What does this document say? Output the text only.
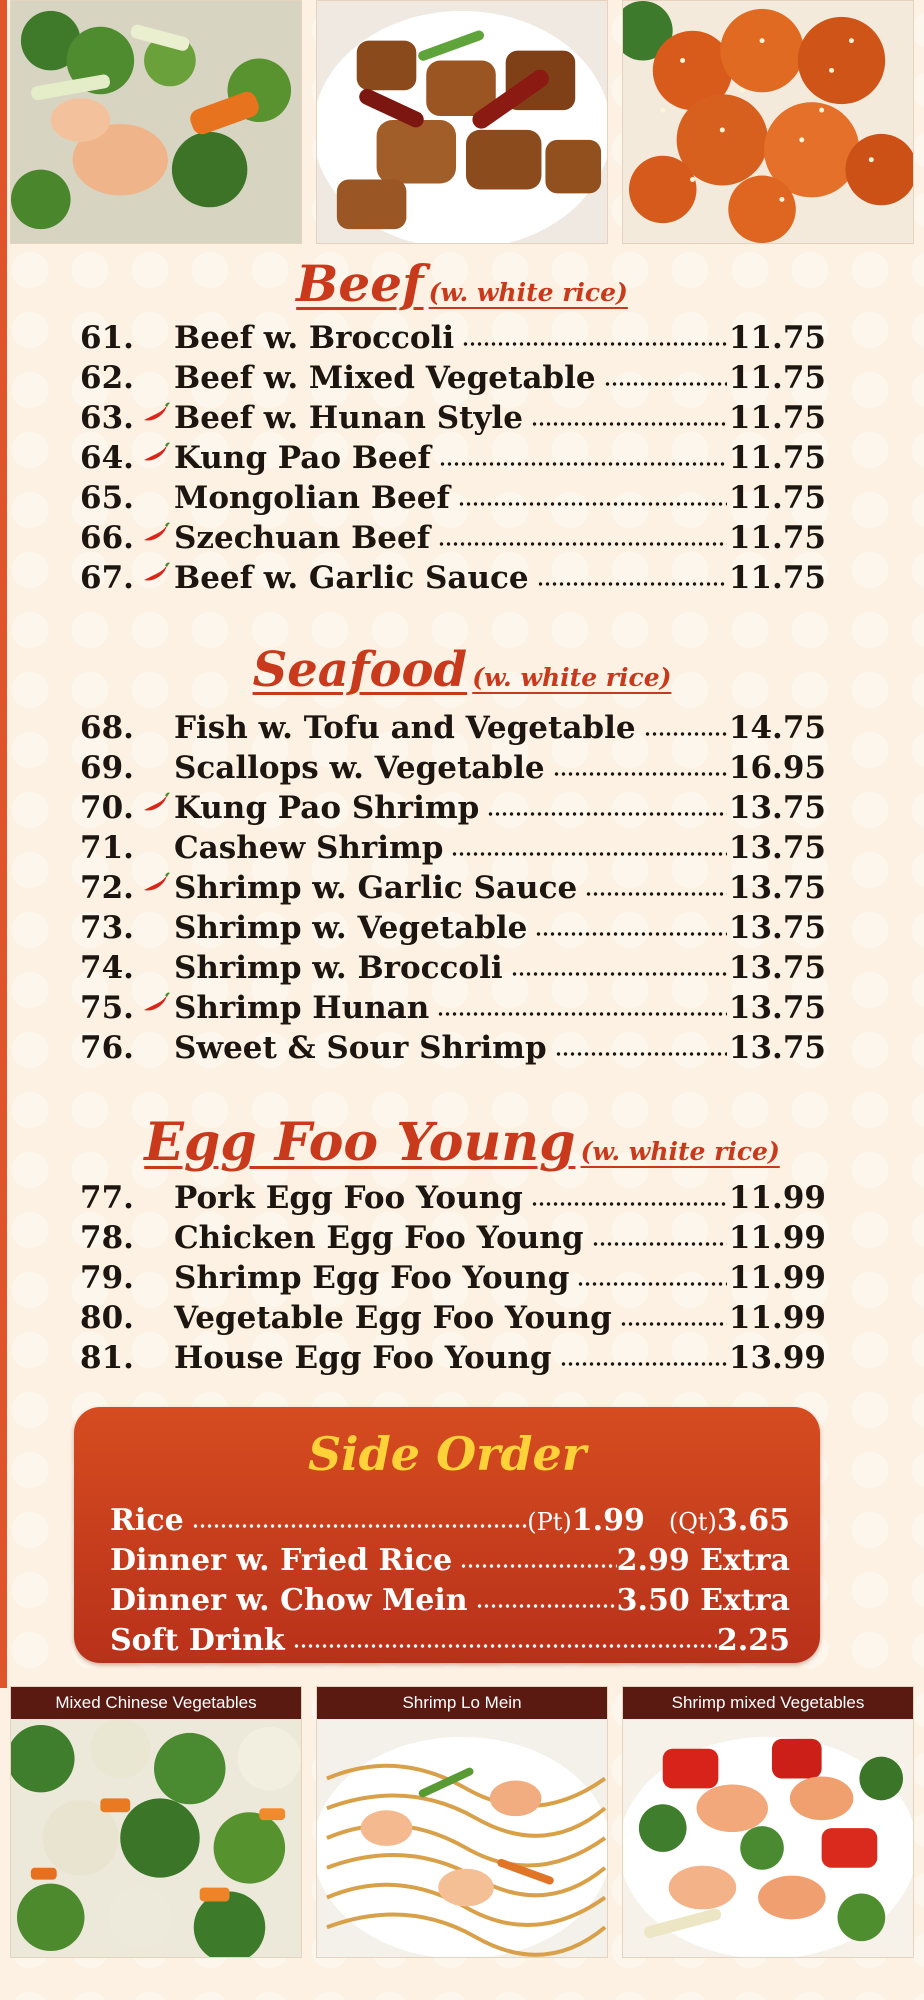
Beef (w. white rice)
61. Beef w. Broccoli	11.75
62. Beef w. Mixed Vegetable	11.75
63. Beef w. Hunan Style	11.75
64. Kung Pao Beef	11.75
65. Mongolian Beef	11.75
66. Szechuan Beef	11.75
67. Beef w. Garlic Sauce	11.75
Seafood (w. white rice)
68. Fish w. Tofu and Vegetable	14.75
69. Scallops w. Vegetable	16.95
70. Kung Pao Shrimp	13.75
71. Cashew Shrimp	13.75
72. Shrimp w. Garlic Sauce	13.75
73. Shrimp w. Vegetable	13.75
74. Shrimp w. Broccoli	13.75
75. Shrimp Hunan	13.75
76. Sweet & Sour Shrimp	13.75
Egg Foo Young (w. white rice)
77. Pork Egg Foo Young	11.99
78. Chicken Egg Foo Young	11.99
79. Shrimp Egg Foo Young	11.99
80. Vegetable Egg Foo Young	11.99
81. House Egg Foo Young	13.99
Side Order
Rice	(Pt)1.99 (Qt)3.65
Dinner w. Fried Rice	2.99 Extra
Dinner w. Chow Mein	3.50 Extra
Soft Drink	2.25
Mixed Chinese Vegetables	Shrimp Lo Mein	Shrimp mixed Vegetables
